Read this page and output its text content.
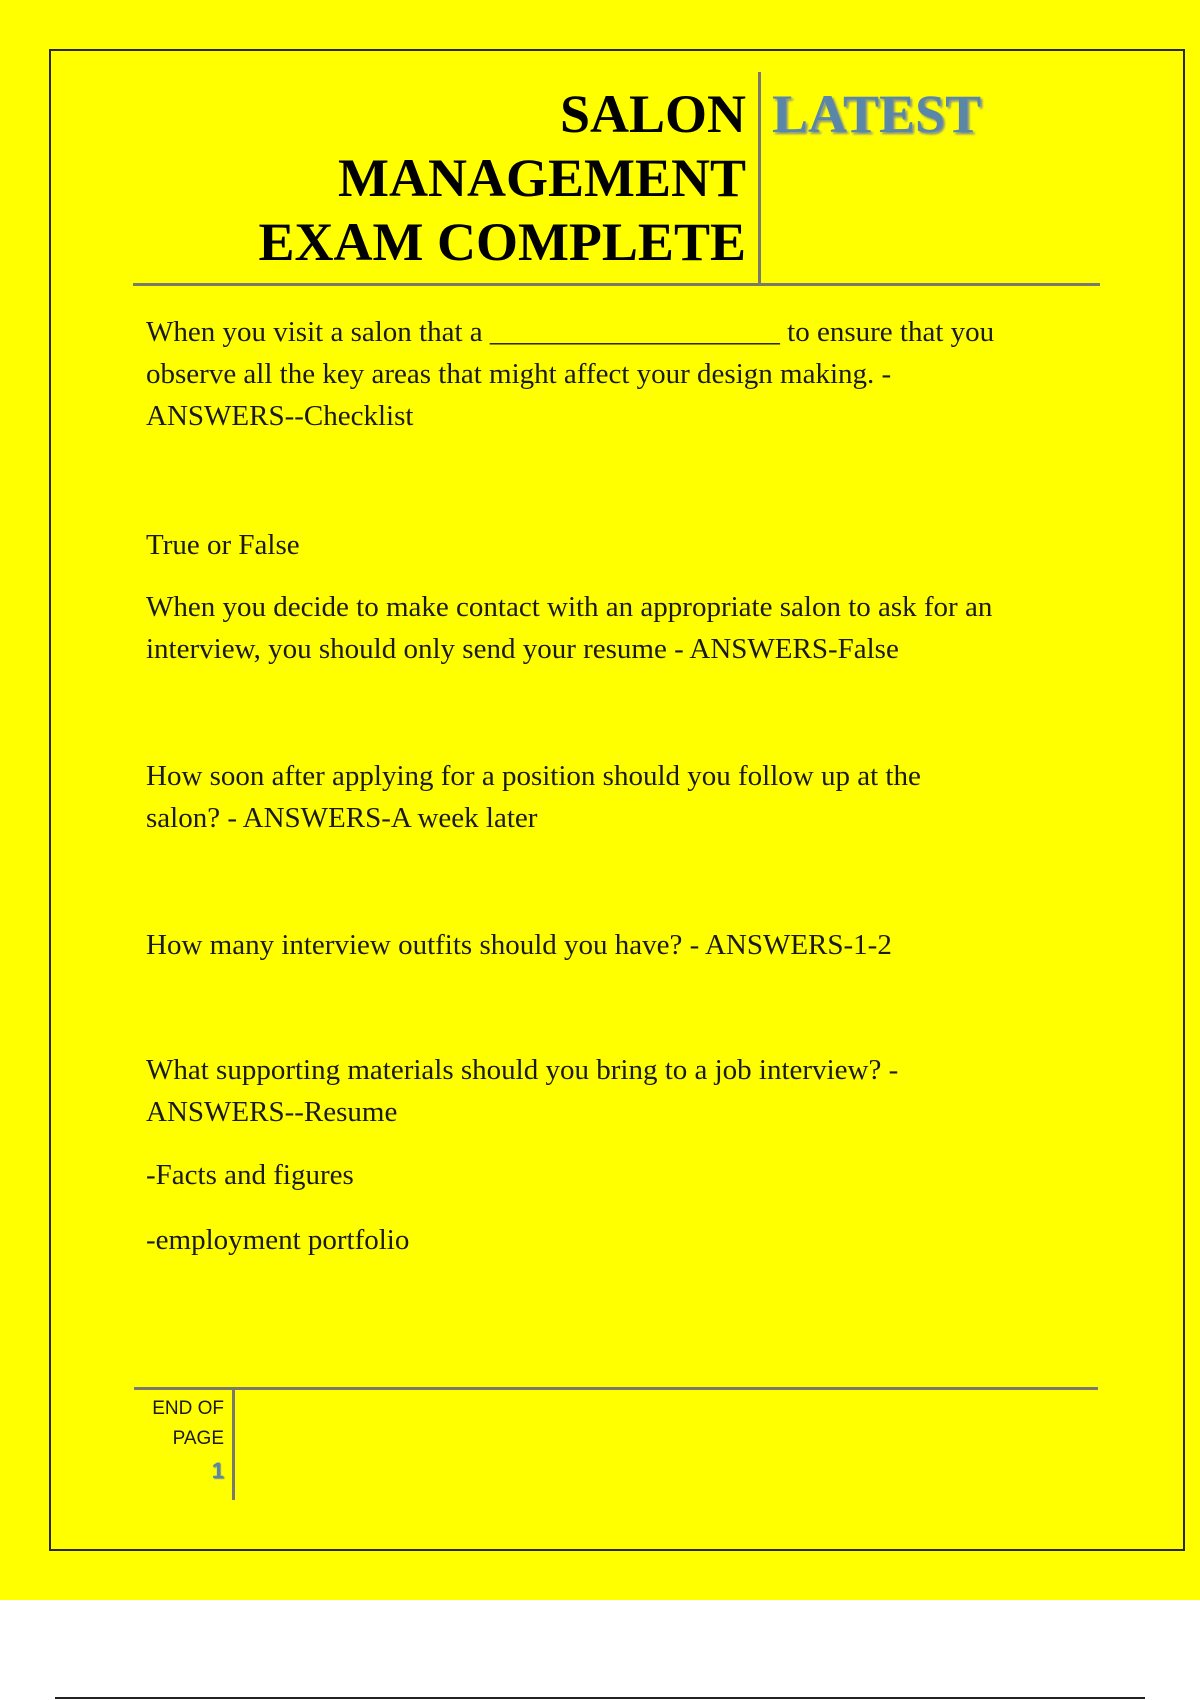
SALON
MANAGEMENT
EXAM COMPLETE
LATEST

When you visit a salon that a ____________________ to ensure that you

observe all the key areas that might affect your design making. -

ANSWERS--Checklist

True or False

When you decide to make contact with an appropriate salon to ask for an

interview, you should only send your resume - ANSWERS-False

How soon after applying for a position should you follow up at the

salon? - ANSWERS-A week later

How many interview outfits should you have? - ANSWERS-1-2

What supporting materials should you bring to a job interview? -

ANSWERS--Resume

-Facts and figures

-employment portfolio

END OF
PAGE
1
